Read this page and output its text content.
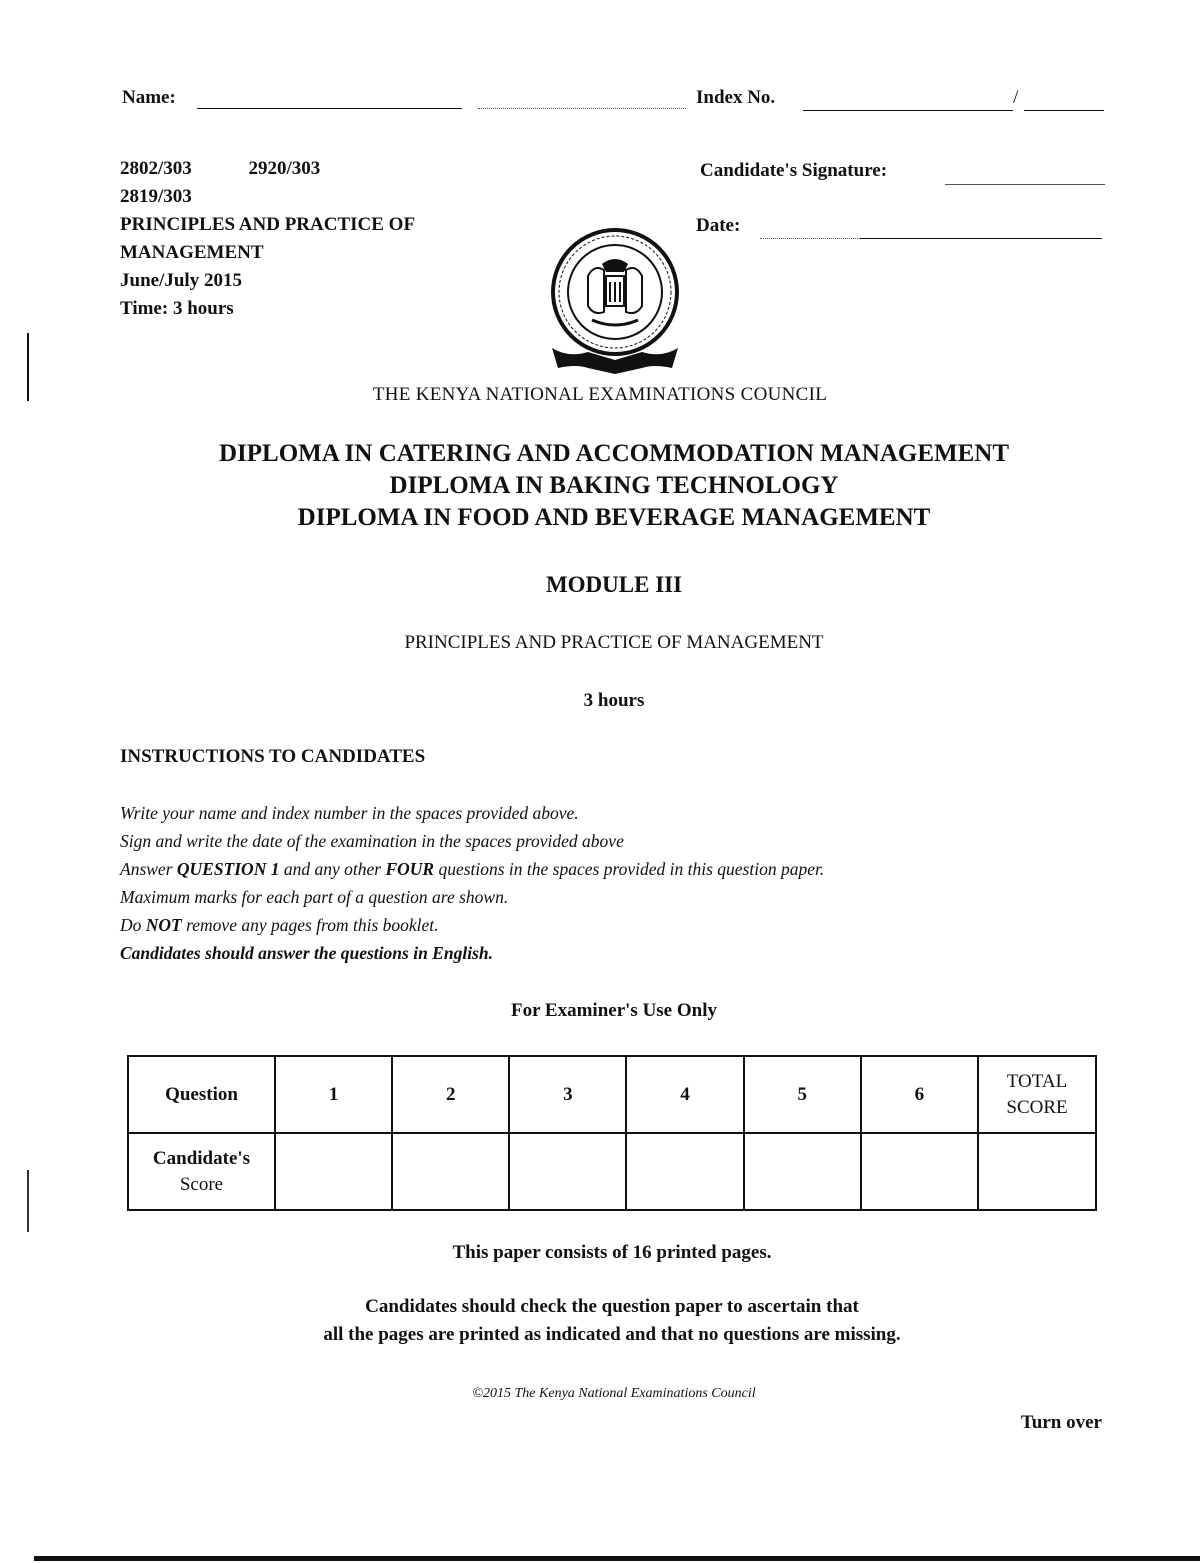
Name:	Index No.	/
2802/303	2920/303
2819/303
PRINCIPLES AND PRACTICE OF
MANAGEMENT
June/July 2015
Time: 3 hours
Candidate's Signature:
Date:
THE KENYA NATIONAL EXAMINATIONS COUNCIL
DIPLOMA IN CATERING AND ACCOMMODATION MANAGEMENT
DIPLOMA IN BAKING TECHNOLOGY
DIPLOMA IN FOOD AND BEVERAGE MANAGEMENT
MODULE III
PRINCIPLES AND PRACTICE OF MANAGEMENT
3 hours
INSTRUCTIONS TO CANDIDATES
Write your name and index number in the spaces provided above.
Sign and write the date of the examination in the spaces provided above
Answer QUESTION 1 and any other FOUR questions in the spaces provided in this question paper.
Maximum marks for each part of a question are shown.
Do NOT remove any pages from this booklet.
Candidates should answer the questions in English.
For Examiner's Use Only
Question	1	2	3	4	5	6	TOTAL
SCORE

Candidate's
Score							

This paper consists of 16 printed pages.
Candidates should check the question paper to ascertain that
all the pages are printed as indicated and that no questions are missing.
©2015 The Kenya National Examinations Council
Turn over
